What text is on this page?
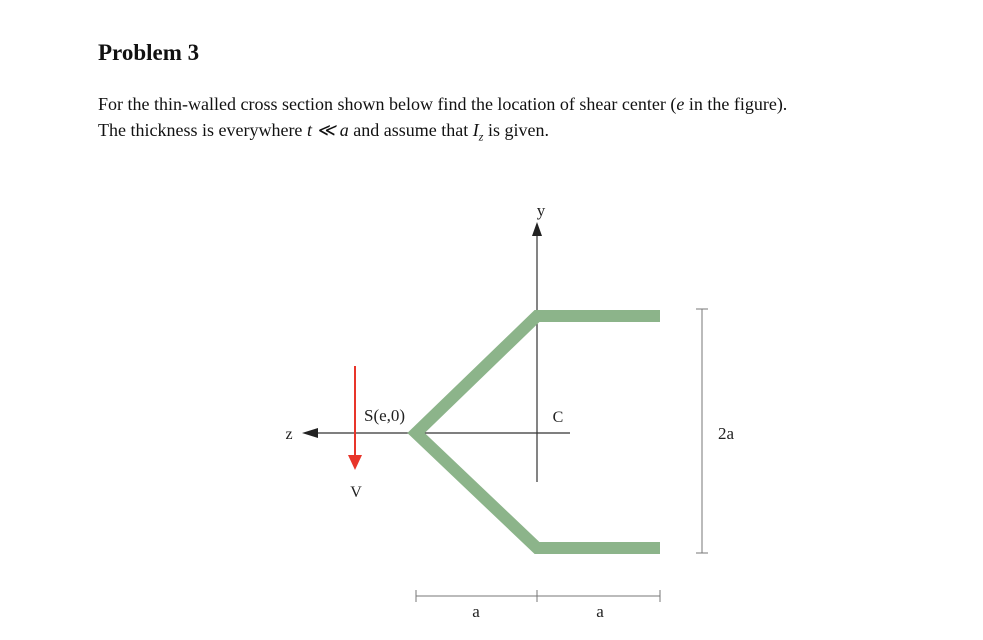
Problem 3

For the thin-walled cross section shown below find the location of shear center (e in the figure).
The thickness is everywhere t ≪ a and assume that $I_z$ is given.

y
z
V
S(e,0)	C
2a
a	a
